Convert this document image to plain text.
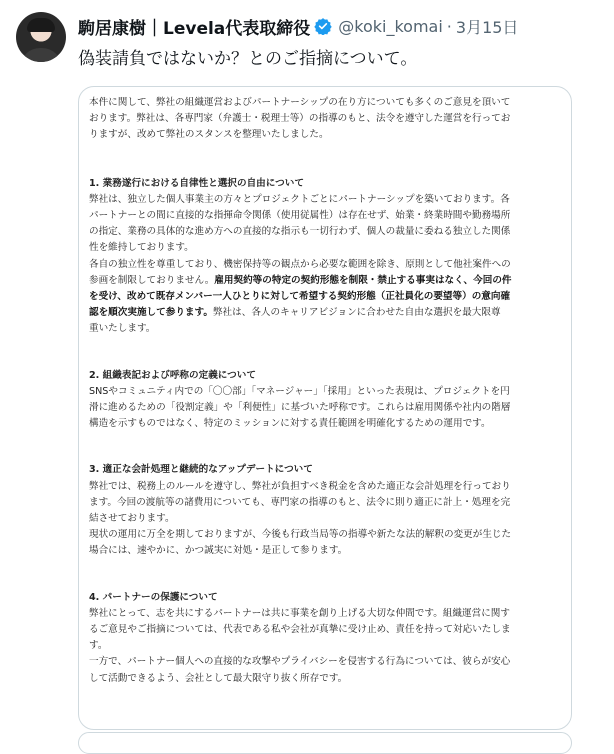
駒居康樹｜Levela代表取締役 @koki_komai · 3月15日
偽装請負ではないか？とのご指摘について。

本件に関して、弊社の組織運営およびパートナーシップの在り方についても多くのご意見を頂いて

おります。弊社は、各専門家（弁護士・税理士等）の指導のもと、法令を遵守した運営を行ってお

りますが、改めて弊社のスタンスを整理いたしました。

1. 業務遂行における自律性と選択の自由について

弊社は、独立した個人事業主の方々とプロジェクトごとにパートナーシップを築いております。各

パートナーとの間に直接的な指揮命令関係（使用従属性）は存在せず、始業・終業時間や勤務場所

の指定、業務の具体的な進め方への直接的な指示も一切行わず、個人の裁量に委ねる独立した関係

性を維持しております。

各自の独立性を尊重しており、機密保持等の観点から必要な範囲を除き、原則として他社案件への

参画を制限しておりません。雇用契約等の特定の契約形態を制限・禁止する事実はなく、今回の件

を受け、改めて既存メンバー一人ひとりに対して希望する契約形態（正社員化の要望等）の意向確

認を順次実施して参ります。弊社は、各人のキャリアビジョンに合わせた自由な選択を最大限尊

重いたします。

2. 組織表記および呼称の定義について

SNSやコミュニティ内での「〇〇部」「マネージャー」「採用」といった表現は、プロジェクトを円

滑に進めるための「役割定義」や「利便性」に基づいた呼称です。これらは雇用関係や社内の階層

構造を示すものではなく、特定のミッションに対する責任範囲を明確化するための運用です。

3. 適正な会計処理と継続的なアップデートについて

弊社では、税務上のルールを遵守し、弊社が負担すべき税金を含めた適正な会計処理を行っており

ます。今回の渡航等の諸費用についても、専門家の指導のもと、法令に則り適正に計上・処理を完

結させております。

現状の運用に万全を期しておりますが、今後も行政当局等の指導や新たな法的解釈の変更が生じた

場合には、速やかに、かつ誠実に対処・是正して参ります。

4. パートナーの保護について

弊社にとって、志を共にするパートナーは共に事業を創り上げる大切な仲間です。組織運営に関す

るご意見やご指摘については、代表である私や会社が真摯に受け止め、責任を持って対応いたしま

す。

一方で、パートナー個人への直接的な攻撃やプライバシーを侵害する行為については、彼らが安心

して活動できるよう、会社として最大限守り抜く所存です。
